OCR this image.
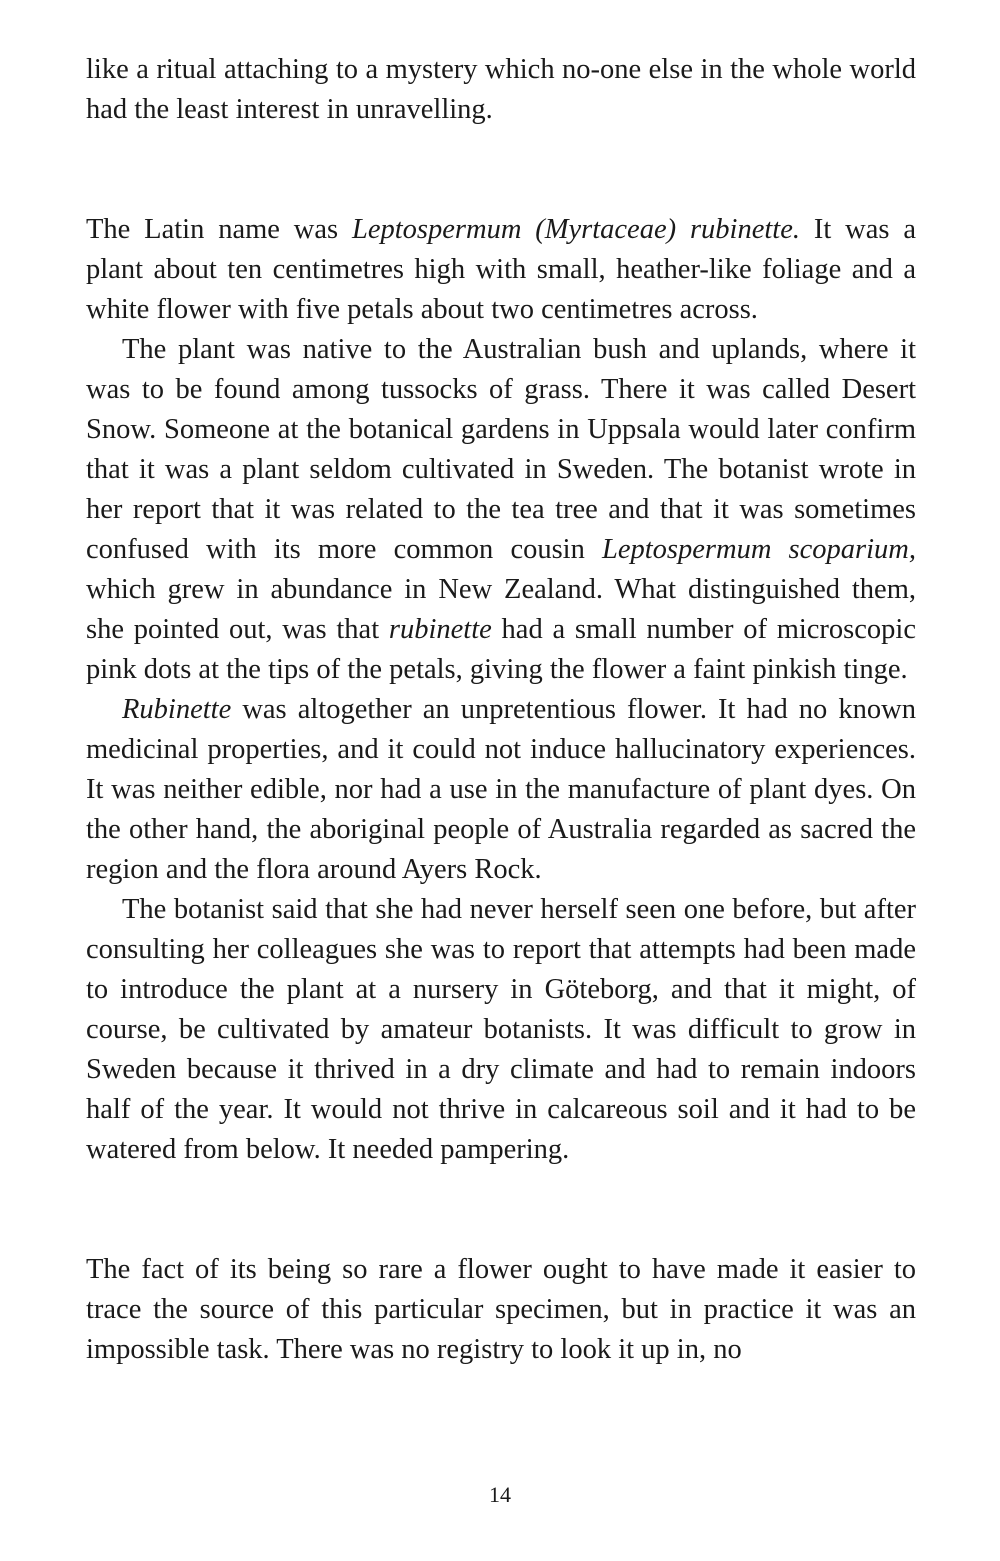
like a ritual attaching to a mystery which no-one else in the whole world had the least interest in unravelling.

The Latin name was Leptospermum (Myrtaceae) rubinette. It was a plant about ten centimetres high with small, heather-like foliage and a white flower with five petals about two centimetres across.

The plant was native to the Australian bush and uplands, where it was to be found among tussocks of grass. There it was called Desert Snow. Someone at the botanical gardens in Uppsala would later confirm that it was a plant seldom cultivated in Sweden. The botanist wrote in her report that it was related to the tea tree and that it was sometimes confused with its more common cousin Leptospermum scoparium, which grew in abundance in New Zealand. What distinguished them, she pointed out, was that rubinette had a small number of microscopic pink dots at the tips of the petals, giving the flower a faint pinkish tinge.

Rubinette was altogether an unpretentious flower. It had no known medicinal properties, and it could not induce hallucinatory experiences. It was neither edible, nor had a use in the manufacture of plant dyes. On the other hand, the aboriginal people of Australia regarded as sacred the region and the flora around Ayers Rock.

The botanist said that she had never herself seen one before, but after consulting her colleagues she was to report that attempts had been made to introduce the plant at a nursery in Göteborg, and that it might, of course, be cultivated by amateur botanists. It was difficult to grow in Sweden because it thrived in a dry climate and had to remain indoors half of the year. It would not thrive in calcareous soil and it had to be watered from below. It needed pampering.

The fact of its being so rare a flower ought to have made it easier to trace the source of this particular specimen, but in practice it was an impossible task. There was no registry to look it up in, no

14
